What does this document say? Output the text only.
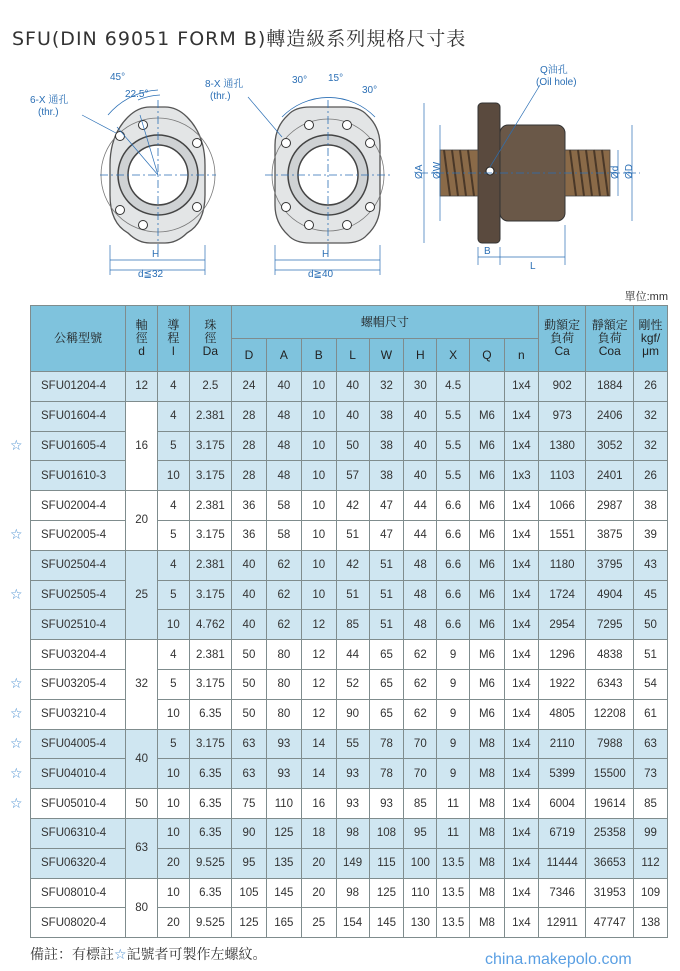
SFU(DIN 69051 FORM B)轉造級系列規格尺寸表
6-X 通孔
(thr.)
45°
22.5°
H
d≦32
8-X 通孔
(thr.)
30° 15°
30°
H
d≧40
Q油孔
(Oil hole)
ØA ØW	Ød ØD
B
L
單位:mm
公稱型號	軸
徑
d	導
程
l	珠
徑
Da	螺帽尺寸									動額定
負荷
Ca	靜額定
負荷
Coa	剛性
kgf/
μm
				D	A	B	L	W	H	X	Q	n			
SFU01204-4	12	4	2.5	24	40	10	40	32	30	4.5		1x4	902	1884	26
SFU01604-4	16	4	2.381	28	48	10	40	38	40	5.5	M6	1x4	973	2406	32
SFU01605-4		5	3.175	28	48	10	50	38	40	5.5	M6	1x4	1380	3052	32
SFU01610-3		10	3.175	28	48	10	57	38	40	5.5	M6	1x3	1103	2401	26
SFU02004-4	20	4	2.381	36	58	10	42	47	44	6.6	M6	1x4	1066	2987	38
SFU02005-4		5	3.175	36	58	10	51	47	44	6.6	M6	1x4	1551	3875	39
SFU02504-4	25	4	2.381	40	62	10	42	51	48	6.6	M6	1x4	1180	3795	43
SFU02505-4		5	3.175	40	62	10	51	51	48	6.6	M6	1x4	1724	4904	45
SFU02510-4		10	4.762	40	62	12	85	51	48	6.6	M6	1x4	2954	7295	50
SFU03204-4	32	4	2.381	50	80	12	44	65	62	9	M6	1x4	1296	4838	51
SFU03205-4		5	3.175	50	80	12	52	65	62	9	M6	1x4	1922	6343	54
SFU03210-4		10	6.35	50	80	12	90	65	62	9	M6	1x4	4805	12208	61
SFU04005-4	40	5	3.175	63	93	14	55	78	70	9	M8	1x4	2110	7988	63
SFU04010-4		10	6.35	63	93	14	93	78	70	9	M8	1x4	5399	15500	73
SFU05010-4	50	10	6.35	75	110	16	93	93	85	11	M8	1x4	6004	19614	85
SFU06310-4	63	10	6.35	90	125	18	98	108	95	11	M8	1x4	6719	25358	99
SFU06320-4		20	9.525	95	135	20	149	115	100	13.5	M8	1x4	11444	36653	112
SFU08010-4	80	10	6.35	105	145	20	98	125	110	13.5	M8	1x4	7346	31953	109
SFU08020-4		20	9.525	125	165	25	154	145	130	13.5	M8	1x4	12911	47747	138
☆
☆
☆
☆
☆
☆
☆
☆
備註：有標註☆記號者可製作左螺紋。	china.makepolo.com
